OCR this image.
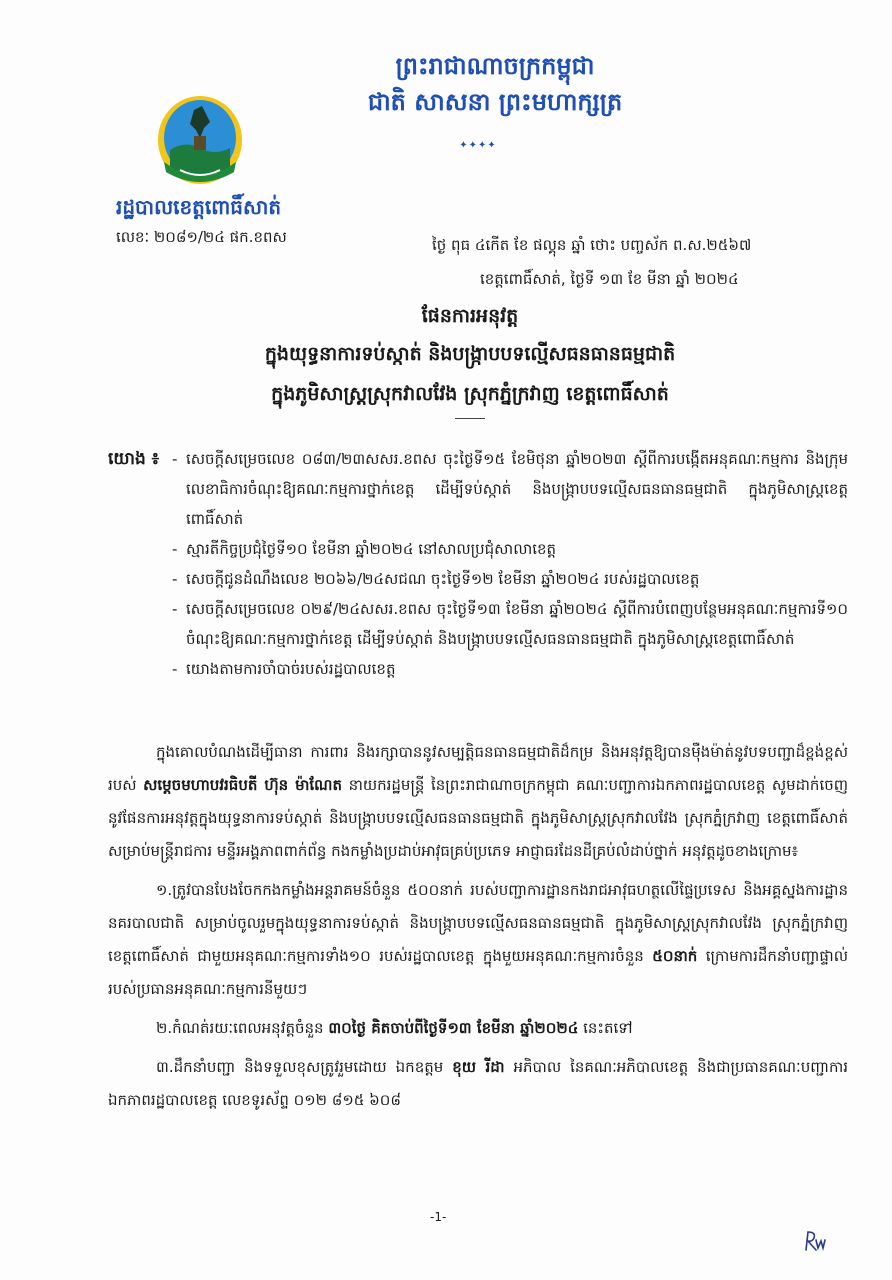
ព្រះរាជាណាចក្រកម្ពុជា
ជាតិ សាសនា ព្រះមហាក្សត្រ
✦✦✦✦
រដ្ឋបាលខេត្តពោធិ៍សាត់
លេខៈ ២០៨១/២៤ ផក.ខពស	ថ្ងៃ ពុធ ៤កើត ខែ ផល្គុន ឆ្នាំ ថោះ បញ្ចស័ក ព.ស.២៥៦៧
ខេត្តពោធិ៍សាត់, ថ្ងៃទី ១៣ ខែ មីនា ឆ្នាំ ២០២៤
ផែនការអនុវត្ត
ក្នុងយុទ្ធនាការទប់ស្កាត់ និងបង្ក្រាបបទល្មើសធនធានធម្មជាតិ
ក្នុងភូមិសាស្ត្រស្រុកវាលវែង ស្រុកភ្នំក្រវាញ ខេត្តពោធិ៍សាត់
យោង ៖
-	សេចក្ដីសម្រេចលេខ ០៨៣/២៣សសរ.ខពស ចុះថ្ងៃទី១៥ ខែមិថុនា ឆ្នាំ២០២៣ ស្ដីពីការបង្កើតអនុគណៈកម្មការ និងក្រុមលេខាធិការចំណុះឱ្យគណៈកម្មការថ្នាក់ខេត្ត ដើម្បីទប់ស្កាត់ និងបង្ក្រាបបទល្មើសធនធានធម្មជាតិ ក្នុងភូមិសាស្ត្រខេត្តពោធិ៍សាត់
- ស្មារតីកិច្ចប្រជុំថ្ងៃទី១០ ខែមីនា ឆ្នាំ២០២៤ នៅសាលប្រជុំសាលាខេត្ត
- សេចក្ដីជូនដំណឹងលេខ ២០៦៦/២៤សជណ ចុះថ្ងៃទី១២ ខែមីនា ឆ្នាំ២០២៤ របស់រដ្ឋបាលខេត្ត
- សេចក្ដីសម្រេចលេខ ០២៩/២៤សសរ.ខពស ចុះថ្ងៃទី១៣ ខែមីនា ឆ្នាំ២០២៤ ស្ដីពីការបំពេញបន្ថែមអនុគណៈកម្មការទី១០ ចំណុះឱ្យគណៈកម្មការថ្នាក់ខេត្ត ដើម្បីទប់ស្កាត់ និងបង្ក្រាបបទល្មើសធនធានធម្មជាតិ ក្នុងភូមិសាស្ត្រខេត្តពោធិ៍សាត់
- យោងតាមការចាំបាច់របស់រដ្ឋបាលខេត្ត

ក្នុងគោលបំណងដើម្បីធានា ការពារ និងរក្សាបាននូវសម្បត្តិធនធានធម្មជាតិដ៏កម្រ និងអនុវត្តឱ្យបានម៉ឺងម៉ាត់នូវបទបញ្ជាដ៏ខ្ពង់ខ្ពស់របស់ សម្ដេចមហាបវរធិបតី ហ៊ុន ម៉ាណែត នាយករដ្ឋមន្ត្រី នៃព្រះរាជាណាចក្រកម្ពុជា គណៈបញ្ជាការឯកភាពរដ្ឋបាលខេត្ត សូមដាក់ចេញនូវផែនការអនុវត្តក្នុងយុទ្ធនាការទប់ស្កាត់ និងបង្ក្រាបបទល្មើសធនធានធម្មជាតិ ក្នុងភូមិសាស្ត្រស្រុកវាលវែង ស្រុកភ្នំក្រវាញ ខេត្តពោធិ៍សាត់ សម្រាប់មន្ត្រីរាជការ មន្ទីរអង្គភាពពាក់ព័ន្ធ កងកម្លាំងប្រដាប់អាវុធគ្រប់ប្រភេទ អាជ្ញាធរដែនដីគ្រប់លំដាប់ថ្នាក់ អនុវត្តដូចខាងក្រោម៖

១.ត្រូវបានបែងចែកកងកម្លាំងអន្តរាគមន៍ចំនួន ៥០០នាក់ របស់បញ្ជាការដ្ឋានកងរាជអាវុធហត្ថលើផ្ទៃប្រទេស និងអគ្គស្នងការដ្ឋាននគរបាលជាតិ សម្រាប់ចូលរួមក្នុងយុទ្ធនាការទប់ស្កាត់ និងបង្ក្រាបបទល្មើសធនធានធម្មជាតិ ក្នុងភូមិសាស្ត្រស្រុកវាលវែង ស្រុកភ្នំក្រវាញ ខេត្តពោធិ៍សាត់ ជាមួយអនុគណៈកម្មការទាំង១០ របស់រដ្ឋបាលខេត្ត ក្នុងមួយអនុគណៈកម្មការចំនួន ៥០នាក់ ក្រោមការដឹកនាំបញ្ជាផ្ទាល់របស់ប្រធានអនុគណៈកម្មការនីមួយៗ

២.កំណត់រយៈពេលអនុវត្តចំនួន ៣០ថ្ងៃ គិតចាប់ពីថ្ងៃទី១៣ ខែមីនា ឆ្នាំ២០២៤ នេះតទៅ

៣.ដឹកនាំបញ្ជា និងទទួលខុសត្រូវរួមដោយ ឯកឧត្តម ខុយ រីដា អភិបាល នៃគណៈអភិបាលខេត្ត និងជាប្រធានគណៈបញ្ជាការឯកភាពរដ្ឋបាលខេត្ត លេខទូរស័ព្ទ ០១២ ៨១៥ ៦០៨

-1-
